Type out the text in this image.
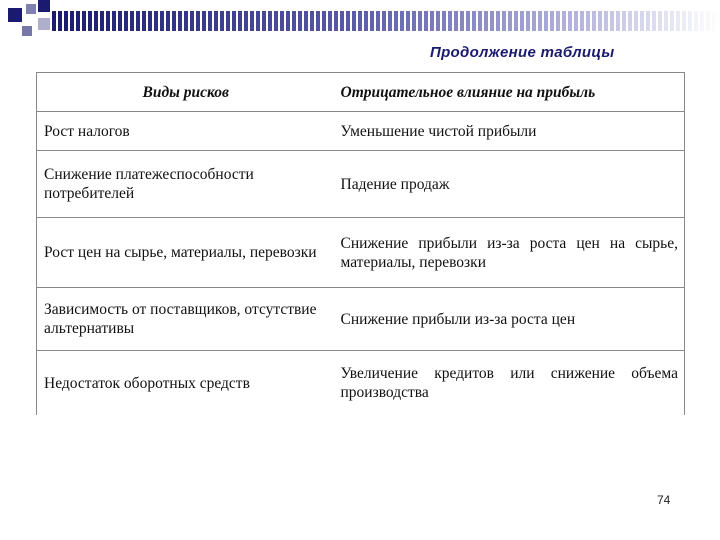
Продолжение таблицы
Виды рисков	Отрицательное влияние на прибыль
Рост налогов	Уменьшение чистой прибыли
Снижение платежеспособности потребителей	Падение продаж
Рост цен на сырье, материалы, перевозки	Снижение прибыли из-за роста цен на сырье, материалы, перевозки
Зависимость от поставщиков, отсутствие альтернативы	Снижение прибыли из-за роста цен
Недостаток оборотных средств	Увеличение кредитов или снижение объема производства
74
